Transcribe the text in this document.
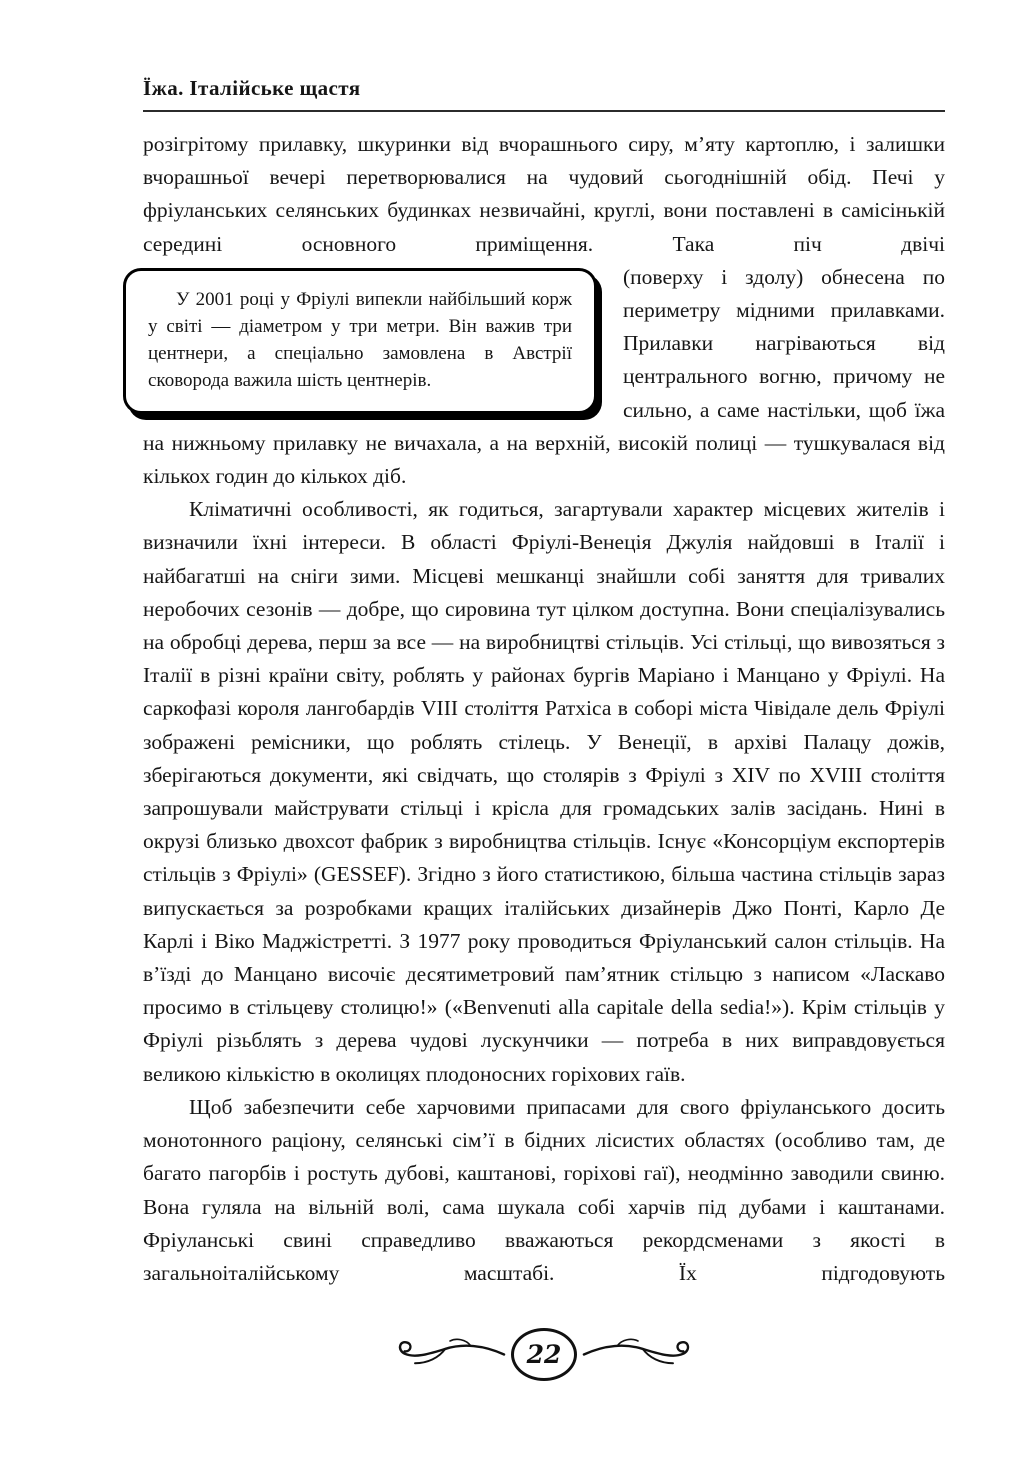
Їжа. Італійське щастя

розігрітому прилавку, шкуринки від вчорашнього сиру, м’яту картоплю, і залишки вчорашньої вечері перетворювалися на чудовий сьогоднішній обід. Печі у фріуланських селянських будинках незвичайні, круглі, вони поставлені в самісінькій середині основного приміщення. Така піч двічі

У 2001 році у Фріулі випекли найбільший корж у світі — діаметром у три метри. Він важив три центнери, а спеціально замовлена в Австрії сковорода важила шість центнерів.

(поверху і здолу) обнесена по периметру мідними прилавками. Прилавки нагріваються від центрального вогню, причому не сильно, а саме настільки, щоб їжа на нижньому прилавку не вичахала, а на верхній, високій полиці — тушкувалася від кількох годин до кількох діб.

Кліматичні особливості, як годиться, загартували характер місцевих жителів і визначили їхні інтереси. В області Фріулі-Венеція Джулія найдовші в Італії і найбагатші на сніги зими. Місцеві мешканці знайшли собі заняття для тривалих неробочих сезонів — добре, що сировина тут цілком доступна. Вони спеціалізувались на обробці дерева, перш за все — на виробництві стільців. Усі стільці, що вивозяться з Італії в різні країни світу, роблять у районах бургів Маріано і Манцано у Фріулі. На саркофазі короля лангобардів VIII століття Ратхіса в соборі міста Чівідале дель Фріулі зображені ремісники, що роблять стілець. У Венеції, в архіві Палацу дожів, зберігаються документи, які свідчать, що столярів з Фріулі з XIV по XVIII століття запрошували майструвати стільці і крісла для громадських залів засідань. Нині в окрузі близько двохсот фабрик з виробництва стільців. Існує «Консорціум експортерів стільців з Фріулі» (GESSEF). Згідно з його статистикою, більша частина стільців зараз випускається за розробками кращих італійських дизайнерів Джо Понті, Карло Де Карлі і Віко Маджістретті. З 1977 року проводиться Фріуланський салон стільців. На в’їзді до Манцано височіє десятиметровий пам’ятник стільцю з написом «Ласкаво просимо в стільцеву столицю!» («Benvenuti alla capitale della sedia!»). Крім стільців у Фріулі різьблять з дерева чудові лускунчики — потреба в них виправдовується великою кількістю в околицях плодоносних горіхових гаїв.

Щоб забезпечити себе харчовими припасами для свого фріуланського досить монотонного раціону, селянські сім’ї в бідних лісистих областях (особливо там, де багато пагорбів і ростуть дубові, каштанові, горіхові гаї), неодмінно заводили свиню. Вона гуляла на вільній волі, сама шукала собі харчів під дубами і каштанами. Фріуланські свині справедливо вважаються рекордсменами з якості в загальноіталійському масштабі. Їх підгодовують

22
